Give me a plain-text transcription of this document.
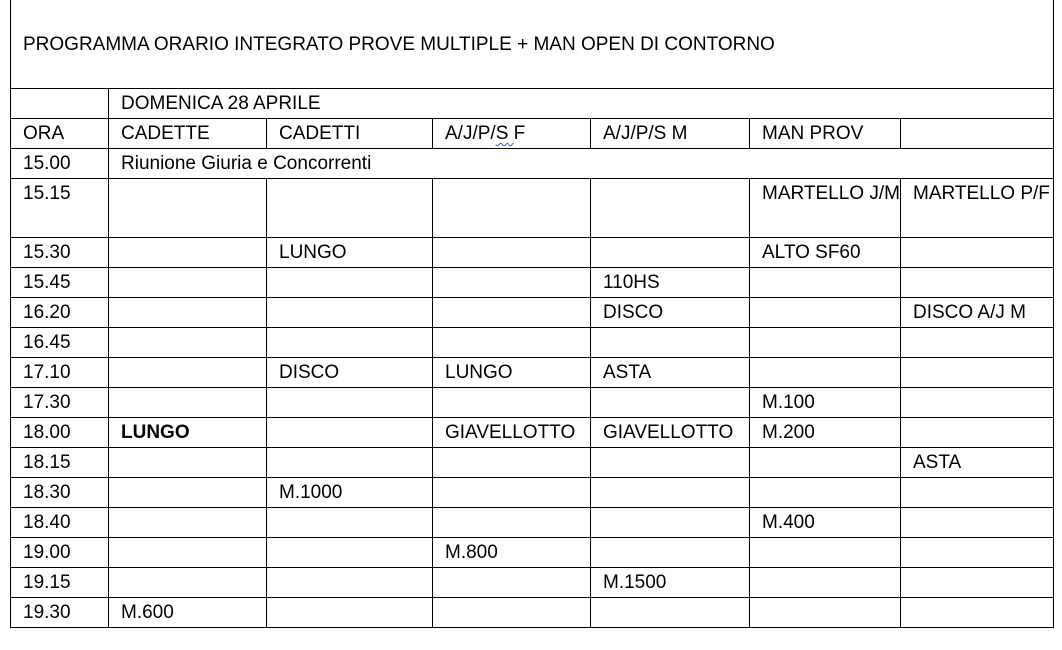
PROGRAMMA ORARIO INTEGRATO PROVE MULTIPLE + MAN OPEN DI CONTORNO						
	DOMENICA 28 APRILE					
ORA	CADETTE	CADETTI	A/J/P/S F	A/J/P/S M	MAN PROV	
15.00	Riunione Giuria e Concorrenti					
15.15					MARTELLO J/M	MARTELLO P/F
15.30		LUNGO			ALTO SF60	
15.45				110HS		
16.20				DISCO		DISCO A/J M
16.45						
17.10		DISCO	LUNGO	ASTA		
17.30					M.100	
18.00	LUNGO		GIAVELLOTTO	GIAVELLOTTO	M.200	
18.15						ASTA
18.30		M.1000				
18.40					M.400	
19.00			M.800			
19.15				M.1500		
19.30	M.600					
